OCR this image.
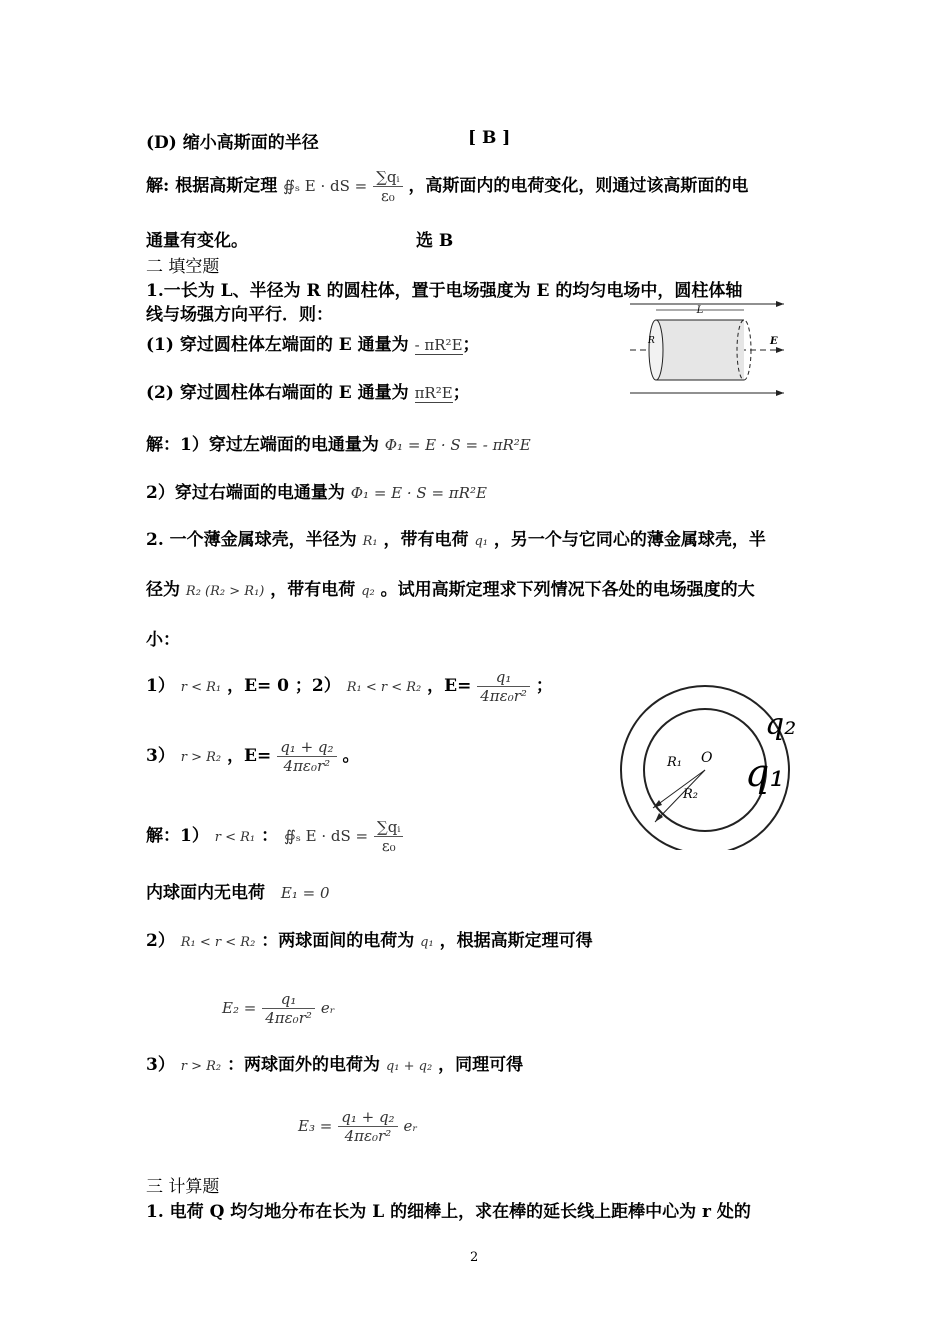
(D) 缩小高斯面的半径	[ B ]
解: 根据高斯定理 ∯ₛ E · dS = $\frac{\text{∑qᵢ}}{\text{ε₀}}$ ，高斯面内的电荷变化，则通过该高斯面的电
通量有变化。	选 B
二 填空题
1.一长为 L、半径为 R 的圆柱体，置于电场强度为 E 的均匀电场中，圆柱体轴
线与场强方向平行．则：
(1) 穿过圆柱体左端面的 E 通量为 - πR²E；
(2) 穿过圆柱体右端面的 E 通量为 πR²E；
L
R	E
解：1）穿过左端面的电通量为 Φ₁ = E · S = - πR²E
2）穿过右端面的电通量为 Φ₁ = E · S = πR²E
2. 一个薄金属球壳，半径为 R₁ ，带有电荷 q₁ ，另一个与它同心的薄金属球壳，半
径为 R₂ (R₂ > R₁) ，带有电荷 q₂ 。试用高斯定理求下列情况下各处的电场强度的大
小：
1） r < R₁ ，E= 0 ；2） R₁ < r < R₂ ，$E= \frac{\text{q₁}}{\text{4πε₀r²}}$ ；
3） r > R₂ ，$E= \frac{\text{q₁ + q₂}}{\text{4πε₀r²}}$ 。
q₂
q₁
O
R₁
R₂
解：1） r < R₁ ： ∯ₛ E · dS = $\frac{\text{∑qᵢ}}{\text{ε₀}}$
内球面内无电荷 E₁ = 0
2） R₁ < r < R₂ ：两球面间的电荷为 q₁ ，根据高斯定理可得
$E_2 = \frac{\text{q₁}}{\text{4πε₀r²}}$ eᵣ
3） r > R₂ ：两球面外的电荷为 q₁ + q₂ ，同理可得
$E_3 = \frac{\text{q₁ + q₂}}{\text{4πε₀r²}}$ eᵣ
三 计算题
1. 电荷 Q 均匀地分布在长为 L 的细棒上，求在棒的延长线上距棒中心为 r 处的
2
